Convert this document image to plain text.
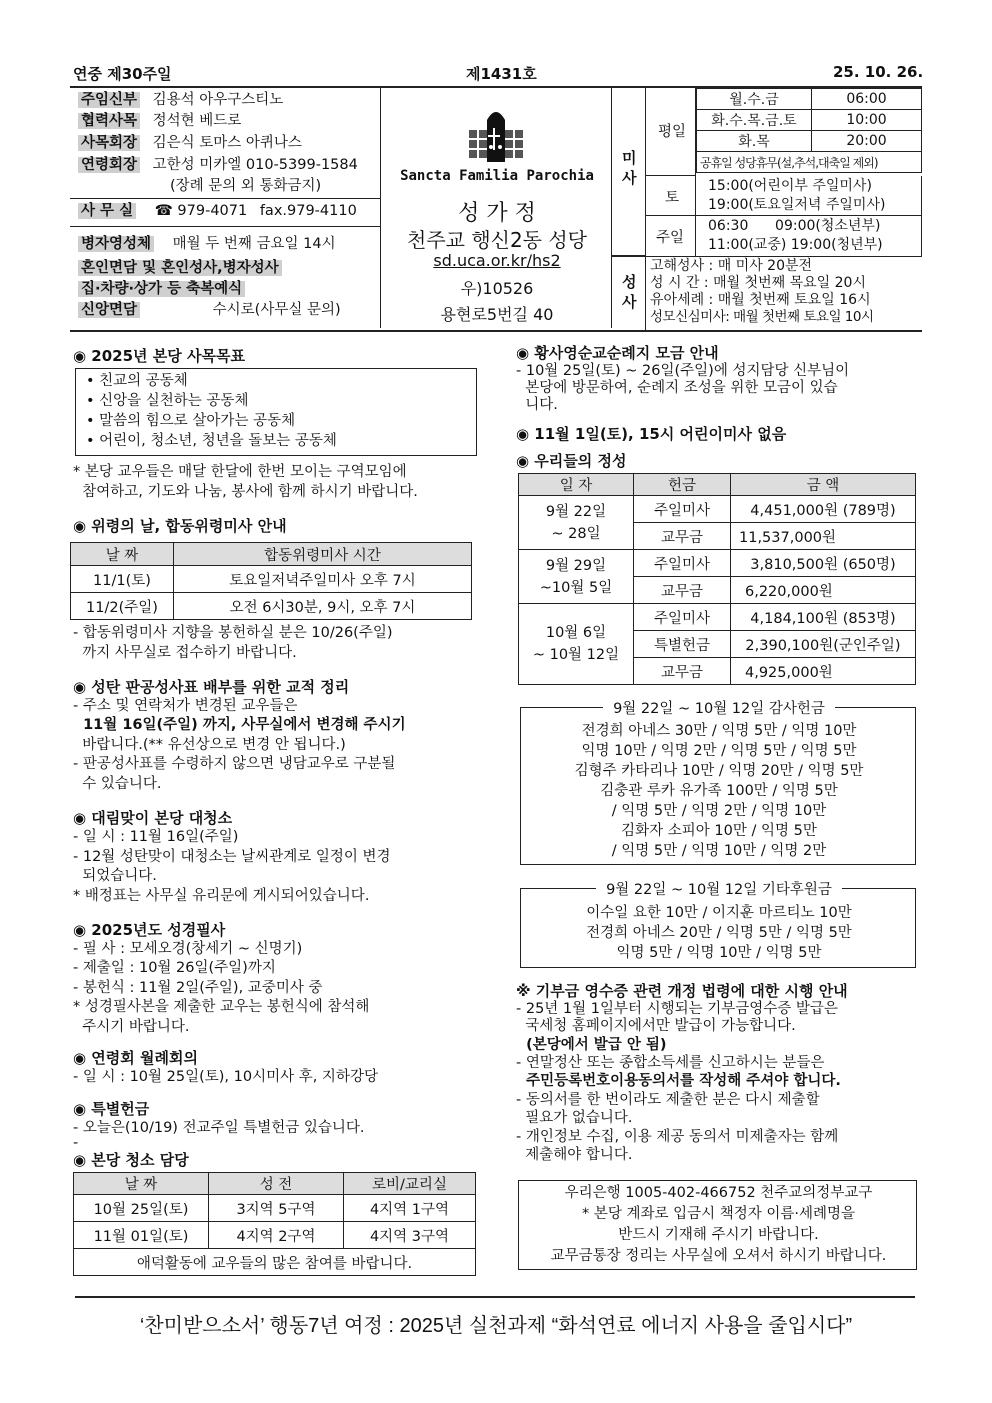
연중 제30주일	제1431호	25. 10. 26.
주임신부 김용석 아우구스티노
협력사목 정석현 베드로
사목회장 김은식 토마스 아퀴나스
연령회장 고한성 미카엘 010-5399-1584
(장례 문의 외 통화금지)
사 무 실 ☎ 979-4071 fax.979-4110
병자영성체 매월 두 번째 금요일 14시
혼인면담 및 혼인성사,병자성사
집·차량·상가 등 축복예식
신앙면담	수시로(사무실 문의)
Sancta Familia Parochia
성 가 정
천주교 행신2동 성당
sd.uca.or.kr/hs2
우)10526
용현로5번길 40
미사
평일
월.수.금	06:00
화.수.목.금.토	10:00
화.목	20:00
공휴일 성당휴무(설,추석,대축일 제외)	
토
15:00(어린이부 주일미사)
19:00(토요일저녁 주일미사)
주일
06:30      09:00(청소년부)
11:00(교중) 19:00(청년부)
성사
고해성사 : 매 미사 20분전
성 시 간 : 매월 첫번째 목요일 20시
유아세례 : 매월 첫번째 토요일 16시
성모신심미사: 매월 첫번째 토요일 10시
◉ 2025년 본당 사목목표
• 친교의 공동체
• 신앙을 실천하는 공동체
• 말씀의 힘으로 살아가는 공동체
• 어린이, 청소년, 청년을 돌보는 공동체
* 본당 교우들은 매달 한달에 한번 모이는 구역모임에
참여하고, 기도와 나눔, 봉사에 함께 하시기 바랍니다.
◉ 위령의 날, 합동위령미사 안내
날 짜	합동위령미사 시간
11/1(토)	토요일저녁주일미사 오후 7시
11/2(주일)	오전 6시30분, 9시, 오후 7시
- 합동위령미사 지향을 봉헌하실 분은 10/26(주일)
까지 사무실로 접수하기 바랍니다.
◉ 성탄 판공성사표 배부를 위한 교적 정리
- 주소 및 연락처가 변경된 교우들은
11월 16일(주일) 까지, 사무실에서 변경해 주시기
바랍니다.(** 유선상으로 변경 안 됩니다.)
- 판공성사표를 수령하지 않으면 냉담교우로 구분될
수 있습니다.
◉ 대림맞이 본당 대청소
- 일 시 : 11월 16일(주일)
- 12월 성탄맞이 대청소는 날씨관계로 일정이 변경
되었습니다.
* 배정표는 사무실 유리문에 게시되어있습니다.
◉ 2025년도 성경필사
- 필 사 : 모세오경(창세기 ~ 신명기)
- 제출일 : 10월 26일(주일)까지
- 봉헌식 : 11월 2일(주일), 교중미사 중
* 성경필사본을 제출한 교우는 봉헌식에 참석해
주시기 바랍니다.
◉ 연령회 월례회의
- 일 시 : 10월 25일(토), 10시미사 후, 지하강당
◉ 특별헌금
- 오늘은(10/19) 전교주일 특별헌금 있습니다.
-
◉ 본당 청소 담당
날 짜	성 전	로비/교리실
10월 25일(토)	3지역 5구역	4지역 1구역
11월 01일(토)	4지역 2구역	4지역 3구역
애덕활동에 교우들의 많은 참여를 바랍니다.		
◉ 황사영순교순례지 모금 안내
- 10월 25일(토) ~ 26일(주일)에 성지담당 신부님이
본당에 방문하여, 순례지 조성을 위한 모금이 있습
니다.
◉ 11월 1일(토), 15시 어린이미사 없음
◉ 우리들의 정성
일 자	헌금	금 액
9월 22일
~ 28일	주일미사	4,451,000원 (789명)
	교무금	11,537,000원
9월 29일
~10월 5일	주일미사	3,810,500원 (650명)
	교무금	6,220,000원
10월 6일
~ 10월 12일	주일미사	4,184,100원 (853명)
	특별헌금	2,390,100원(군인주일)
	교무금	4,925,000원
9월 22일 ~ 10월 12일 감사헌금
전경희 아네스 30만 / 익명 5만 / 익명 10만
익명 10만 / 익명 2만 / 익명 5만 / 익명 5만
김형주 카타리나 10만 / 익명 20만 / 익명 5만
김충관 루카 유가족 100만 / 익명 5만
/ 익명 5만 / 익명 2만 / 익명 10만
김화자 소피아 10만 / 익명 5만
/ 익명 5만 / 익명 10만 / 익명 2만
9월 22일 ~ 10월 12일 기타후원금
이수일 요한 10만 / 이지훈 마르티노 10만
전경희 아네스 20만 / 익명 5만 / 익명 5만
익명 5만 / 익명 10만 / 익명 5만
※ 기부금 영수증 관련 개정 법령에 대한 시행 안내
- 25년 1월 1일부터 시행되는 기부금영수증 발급은
국세청 홈페이지에서만 발급이 가능합니다.
(본당에서 발급 안 됨)
- 연말정산 또는 종합소득세를 신고하시는 분들은
주민등록번호이용동의서를 작성해 주셔야 합니다.
- 동의서를 한 번이라도 제출한 분은 다시 제출할
필요가 없습니다.
- 개인정보 수집, 이용 제공 동의서 미제출자는 함께
제출해야 합니다.
우리은행 1005-402-466752 천주교의정부교구
* 본당 계좌로 입금시 책정자 이름·세례명을
반드시 기재해 주시기 바랍니다.
교무금통장 정리는 사무실에 오셔서 하시기 바랍니다.
‘찬미받으소서’ 행동7년 여정 : 2025년 실천과제 “화석연료 에너지 사용을 줄입시다”
